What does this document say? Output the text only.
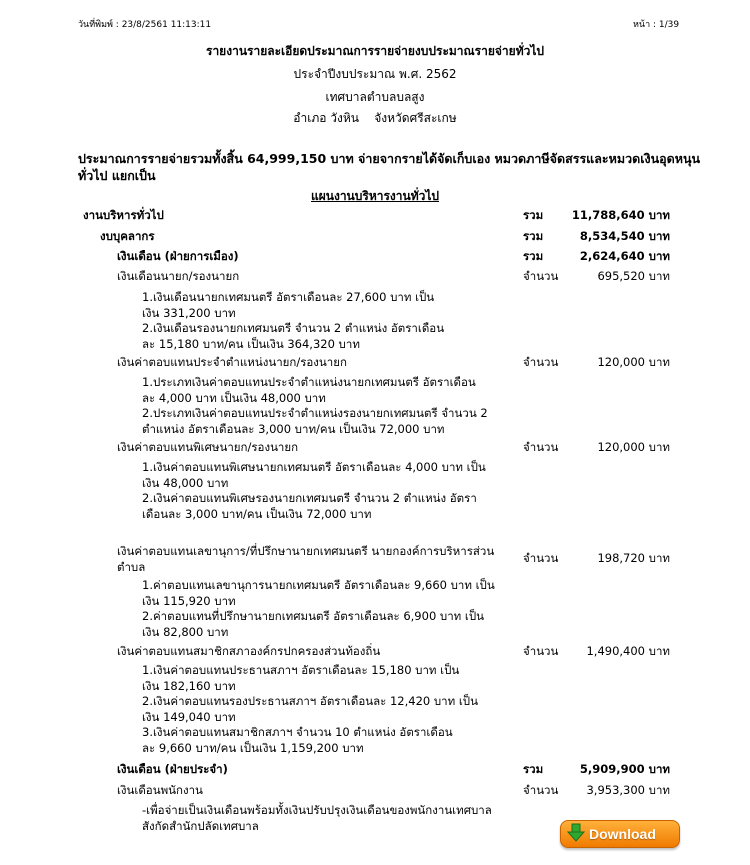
วันที่พิมพ์ : 23/8/2561 11:13:11	หน้า : 1/39
รายงานรายละเอียดประมาณการรายจ่ายงบประมาณรายจ่ายทั่วไป
ประจำปีงบประมาณ พ.ศ. 2562
เทศบาลตำบลบลสูง
อำเภอ วังหิน    จังหวัดศรีสะเกษ
ประมาณการรายจ่ายรวมทั้งสิ้น 64,999,150 บาท จ่ายจากรายได้จัดเก็บเอง หมวดภาษีจัดสรรและหมวดเงินอุดหนุน
ทั่วไป แยกเป็น
แผนงานบริหารงานทั่วไป
งานบริหารทั่วไป	รวม	11,788,640 บาท
งบบุคลากร	รวม	8,534,540 บาท
เงินเดือน (ฝ่ายการเมือง)	รวม	2,624,640 บาท
เงินเดือนนายก/รองนายก	จำนวน	695,520 บาท
1.เงินเดือนนายกเทศมนตรี อัตราเดือนละ 27,600 บาท เป็น
เงิน 331,200 บาท
2.เงินเดือนรองนายกเทศมนตรี จำนวน 2 ตำแหน่ง อัตราเดือน
ละ 15,180 บาท/คน เป็นเงิน 364,320 บาท
เงินค่าตอบแทนประจำตำแหน่งนายก/รองนายก	จำนวน	120,000 บาท
1.ประเภทเงินค่าตอบแทนประจำตำแหน่งนายกเทศมนตรี อัตราเดือน
ละ 4,000 บาท เป็นเงิน 48,000 บาท
2.ประเภทเงินค่าตอบแทนประจำตำแหน่งรองนายกเทศมนตรี จำนวน 2
ตำแหน่ง อัตราเดือนละ 3,000 บาท/คน เป็นเงิน 72,000 บาท
เงินค่าตอบแทนพิเศษนายก/รองนายก	จำนวน	120,000 บาท
1.เงินค่าตอบแทนพิเศษนายกเทศมนตรี อัตราเดือนละ 4,000 บาท เป็น
เงิน 48,000 บาท
2.เงินค่าตอบแทนพิเศษรองนายกเทศมนตรี จำนวน 2 ตำแหน่ง อัตรา
เดือนละ 3,000 บาท/คน เป็นเงิน 72,000 บาท
เงินค่าตอบแทนเลขานุการ/ที่ปรึกษานายกเทศมนตรี นายกองค์การบริหารส่วน
ตำบล
จำนวน	198,720 บาท
1.ค่าตอบแทนเลขานุการนายกเทศมนตรี อัตราเดือนละ 9,660 บาท เป็น
เงิน 115,920 บาท
2.ค่าตอบแทนที่ปรึกษานายกเทศมนตรี อัตราเดือนละ 6,900 บาท เป็น
เงิน 82,800 บาท
เงินค่าตอบแทนสมาชิกสภาองค์กรปกครองส่วนท้องถิ่น	จำนวน	1,490,400 บาท
1.เงินค่าตอบแทนประธานสภาฯ อัตราเดือนละ 15,180 บาท เป็น
เงิน 182,160 บาท
2.เงินค่าตอบแทนรองประธานสภาฯ อัตราเดือนละ 12,420 บาท เป็น
เงิน 149,040 บาท
3.เงินค่าตอบแทนสมาชิกสภาฯ จำนวน 10 ตำแหน่ง อัตราเดือน
ละ 9,660 บาท/คน เป็นเงิน 1,159,200 บาท
เงินเดือน (ฝ่ายประจำ)	รวม	5,909,900 บาท
เงินเดือนพนักงาน	จำนวน	3,953,300 บาท
-เพื่อจ่ายเป็นเงินเดือนพร้อมทั้งเงินปรับปรุงเงินเดือนของพนักงานเทศบาล
สังกัดสำนักปลัดเทศบาล
Download
